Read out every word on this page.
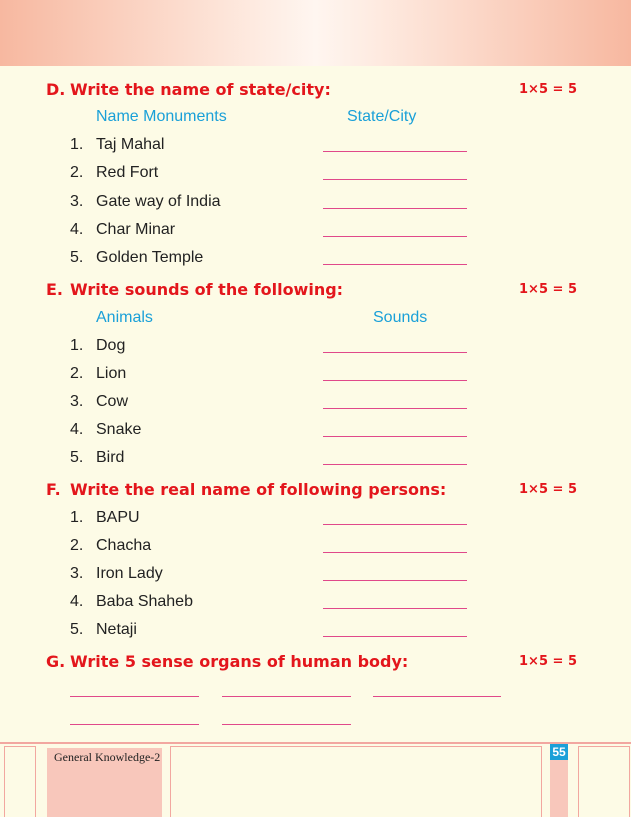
D. Write the name of state/city:	1×5 = 5
Name Monuments	State/City
1. Taj Mahal
2. Red Fort
3. Gate way of India
4. Char Minar
5. Golden Temple
E. Write sounds of the following:	1×5 = 5
Animals	Sounds
1. Dog
2. Lion
3. Cow
4. Snake
5. Bird
F. Write the real name of following persons:	1×5 = 5
1. BAPU
2. Chacha
3. Iron Lady
4. Baba Shaheb
5. Netaji
G. Write 5 sense organs of human body:	1×5 = 5
General Knowledge-2	55
